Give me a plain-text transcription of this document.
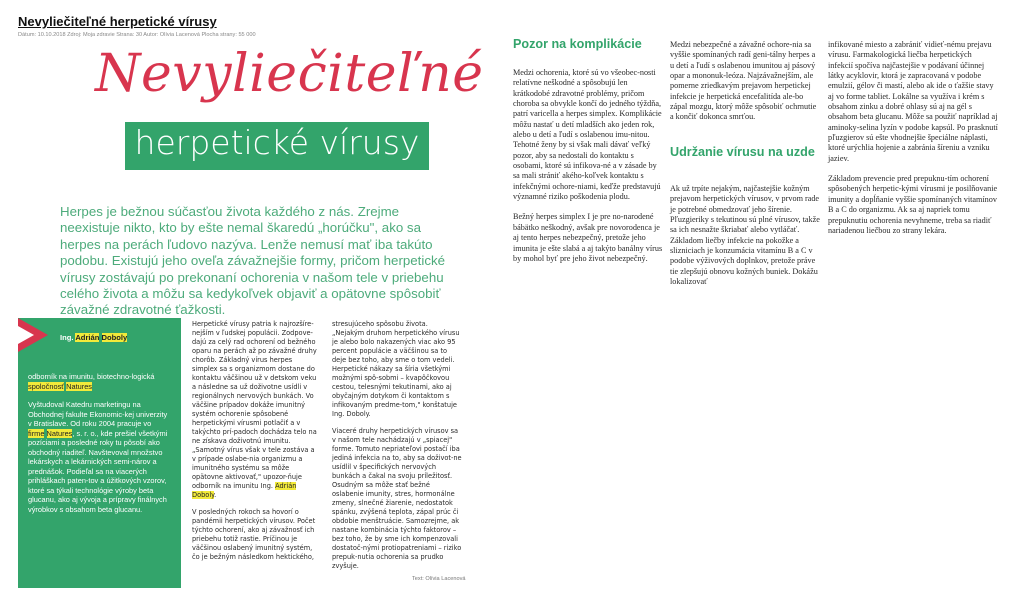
Nevyliečiteľné herpetické vírusy
Dátum: 10.10.2018 Zdroj: Moja zdravie Strana: 30 Autor: Olívia Lacenová Plocha strany: 55 000
Nevyliečiteľné
herpetické vírusy
Herpes je bežnou súčasťou života každého z nás. Zrejme neexistuje nikto, kto by ešte nemal škaredú „horúčku", ako sa herpes na perách ľudovo nazýva. Lenže nemusí mať iba takúto podobu. Existujú jeho oveľa závažnejšie formy, pričom herpetické vírusy zostávajú po prekonaní ochorenia v našom tele v priebehu celého života a môžu sa kedykoľvek objaviť a opätovne spôsobiť závažné zdravotné ťažkosti.
Ing. Adrián Doboly

odborník na imunitu, biotechno-logická spoločnosť Natures

Vyštudoval Katedru marketingu na Obchodnej fakulte Ekonomic-kej univerzity v Bratislave. Od roku 2004 pracuje vo firme Natures, s. r. o., kde prešiel všetkými pozíciami a posledné roky tu pôsobí ako obchodný riaditeľ. Navštevoval množstvo lekárskych a lekárnických semi-nárov a prednášok. Podieľal sa na viacerých prihláškach paten-tov a úžitkových vzorov, ktoré sa týkali technológie výroby beta glucanu, ako aj vývoja a prípravy finálnych výrobkov s obsahom beta glucanu.

Herpetické vírusy patria k najrozšíre-nejším v ľudskej populácii. Zodpove-dajú za celý rad ochorení od bežného oparu na perách až po závažné druhy chorôb. Základný vírus herpes simplex sa s organizmom dostane do kontaktu väčšinou už v detskom veku a následne sa už doživotne usídli v regionálnych nervových bunkách. Vo väčšine prípadov dokáže imunitný systém ochorenie spôsobené herpetickými vírusmi potlačiť a v takýchto prí-padoch dochádza telo na ne získava doživotnú imunitu. „Samotný vírus však v tele zostáva a v prípade oslabe-nia organizmu a imunitného systému sa môže opätovne aktivovať," upozor-ňuje odborník na imunitu Ing. Adrián Doboly.

V posledných rokoch sa hovorí o pandémii herpetických vírusov. Počet týchto ochorení, ako aj závažnosť ich priebehu totiž rastie. Príčinou je väčšinou oslabený imunitný systém, čo je bežným následkom hektického,

stresujúceho spôsobu života. „Nejakým druhom herpetického vírusu je alebo bolo nakazených viac ako 95 percent populácie a väčšinou sa to deje bez toho, aby sme o tom vedeli. Herpetické nákazy sa šíria všetkými možnými spô-sobmi – kvapôčkovou cestou, telesnými tekutinami, ako aj obyčajným dotykom či kontaktom s infikovaným predme-tom," konštatuje Ing. Doboly.

Viaceré druhy herpetických vírusov sa v našom tele nachádzajú v „spiacej" forme. Tomuto nepriateľovi postačí iba jediná infekcia na to, aby sa doživot-ne usídlil v špecifických nervových bunkách a čakal na svoju príležitosť. Osudným sa môže stať bežné oslabenie imunity, stres, hormonálne zmeny, slnečné žiarenie, nedostatok spánku, zvýšená teplota, zápal prúc či obdobie menštruácie. Samozrejme, ak nastane kombinácia týchto faktorov – bez toho, že by sme ich kompenzovali dostatoč-nými protiopatreniami – riziko prepuk-nutia ochorenia sa prudko zvyšuje.

Text: Olívia Lacenová
Pozor na komplikácie

Medzi ochorenia, ktoré sú vo všeobec-nosti relatívne neškodné a spôsobujú len krátkodobé zdravotné problémy, pričom choroba sa obvykle končí do jedného týždňa, patrí varicella a herpes simplex. Komplikácie môžu nastať u detí mladších ako jeden rok, alebo u detí a ľudí s oslabenou imu-nitou. Tehotné ženy by si však mali dávať veľký pozor, aby sa nedostali do kontaktu s osobami, ktoré sú infikova-né a v zásade by sa mali strániť akého-koľvek kontaktu s infekčnými ochore-niami, keďže predstavujú významné riziko poškodenia plodu.

Bežný herpes simplex I je pre no-narodené bábätko neškodný, avšak pre novorodenca je aj tento herpes nebezpečný, pretože jeho imunita je ešte slabá a aj takýto banálny vírus by mohol byť pre jeho život nebezpečný.

Medzi nebezpečné a závažné ochore-nia sa vyššie spomínaných radí geni-tálny herpes a u detí a ľudí s oslabenou imunitou aj pásový opar a mononuk-leóza. Najzávažnejším, ale pomerne zriedkavým prejavom herpetickej infekcie je herpetická encefalitída ale-bo zápal mozgu, ktorý môže spôsobiť ochrnutie a končiť dokonca smrťou.

Udržanie vírusu na uzde

Ak už trpíte nejakým, najčastejšie kožným prejavom herpetických vírusov, v prvom rade je potrebné obmedzovať jeho šírenie. Pľuzgieriky s tekutinou sú plné vírusov, takže sa ich nesnažte škriabať alebo vytláčať. Základom liečby infekcie na pokožke a slizniciach je konzumácia vitamínu B a C v podobe výživových doplnkov, pretože práve tie zlepšujú obnovu kožných buniek. Dokážu lokalizovať

infikované miesto a zabrániť vidieť-nému prejavu vírusu. Farmakologická liečba herpetických infekcií spočíva najčastejšie v podávaní účinnej látky acyklovir, ktorá je zapracovaná v podobe emulzií, gélov či mastí, alebo ak ide o ťažšie stavy aj vo forme tabliet. Lokálne sa využíva i krém s obsahom zinku a dobré ohlasy sú aj na gél s obsahom beta glucanu. Môže sa použiť napríklad aj aminoky-selina lyzín v podobe kapsúl. Po prasknutí pľuzgierov sú ešte vhodnejšie špeciálne náplasti, ktoré urýchlia hojenie a zabránia šíreniu a vzniku jaziev.

Základom prevencie pred prepuknu-tím ochorení spôsobených herpetic-kými vírusmi je posilňovanie imunity a dopĺňanie vyššie spomínaných vitamínov B a C do organizmu. Ak sa aj napriek tomu prepuknutiu ochorenia nevyhneme, treba sa riadiť nariadenou liečbou zo strany lekára.
